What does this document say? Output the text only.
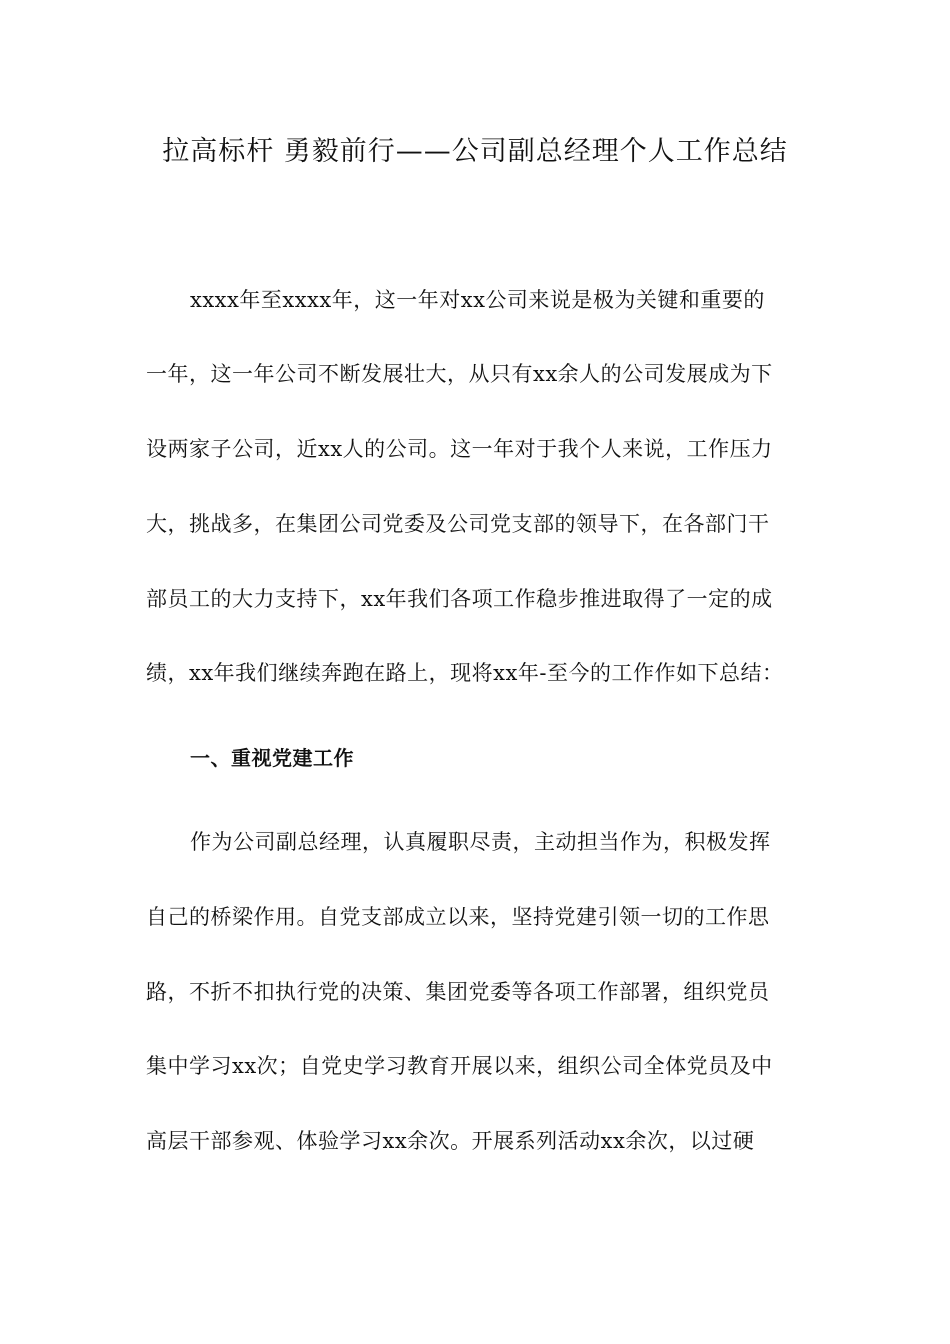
拉高标杆 勇毅前行——公司副总经理个人工作总结
xxxx年至xxxx年，这一年对xx公司来说是极为关键和重要的
一年，这一年公司不断发展壮大，从只有xx余人的公司发展成为下
设两家子公司，近xx人的公司。这一年对于我个人来说，工作压力
大，挑战多，在集团公司党委及公司党支部的领导下，在各部门干
部员工的大力支持下，xx年我们各项工作稳步推进取得了一定的成
绩，xx年我们继续奔跑在路上，现将xx年-至今的工作作如下总结：
一、重视党建工作
作为公司副总经理，认真履职尽责，主动担当作为，积极发挥
自己的桥梁作用。自党支部成立以来，坚持党建引领一切的工作思
路，不折不扣执行党的决策、集团党委等各项工作部署，组织党员
集中学习xx次；自党史学习教育开展以来，组织公司全体党员及中
高层干部参观、体验学习xx余次。开展系列活动xx余次，以过硬
